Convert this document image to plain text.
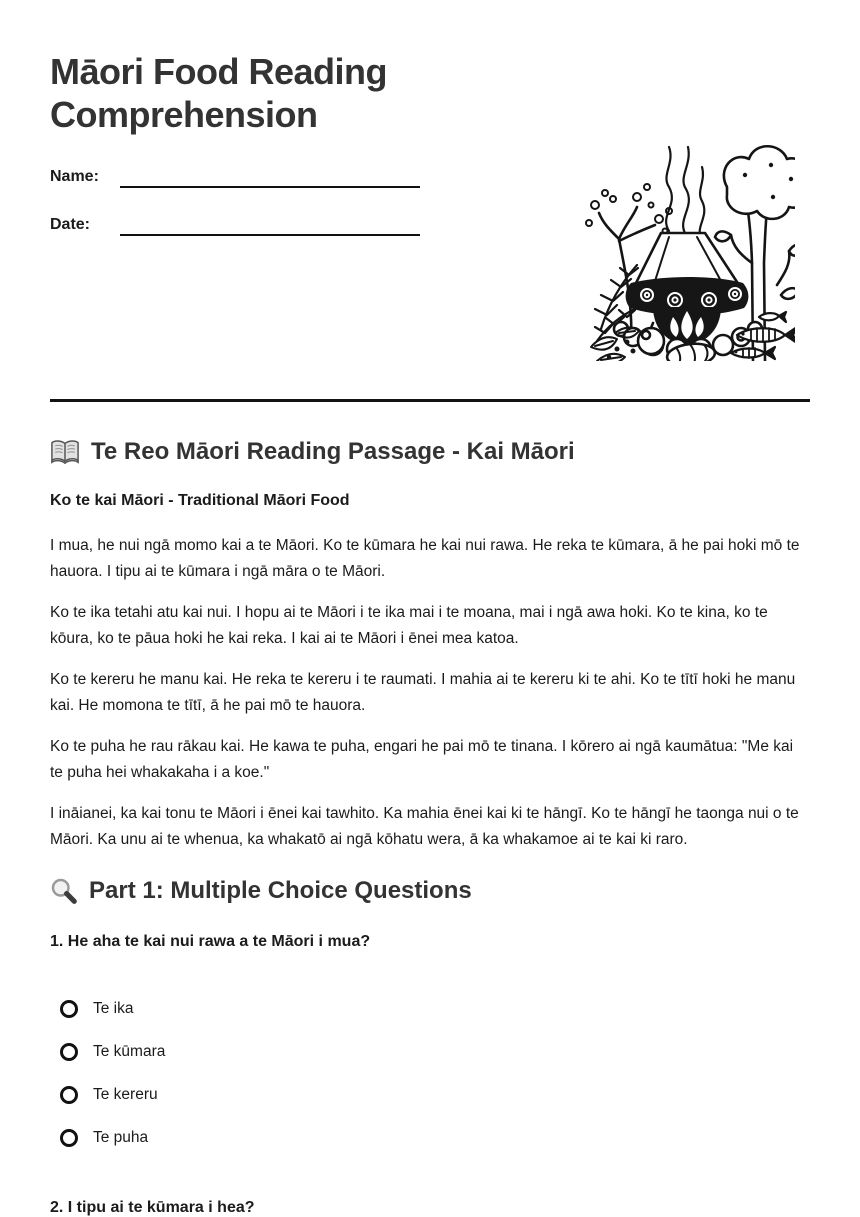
Māori Food Reading Comprehension
Name:
Date:
Te Reo Māori Reading Passage - Kai Māori
Ko te kai Māori - Traditional Māori Food

I mua, he nui ngā momo kai a te Māori. Ko te kūmara he kai nui rawa. He reka te kūmara, ā he pai hoki mō te hauora. I tipu ai te kūmara i ngā māra o te Māori.

Ko te ika tetahi atu kai nui. I hopu ai te Māori i te ika mai i te moana, mai i ngā awa hoki. Ko te kina, ko te kōura, ko te pāua hoki he kai reka. I kai ai te Māori i ēnei mea katoa.

Ko te kereru he manu kai. He reka te kereru i te raumati. I mahia ai te kereru ki te ahi. Ko te tītī hoki he manu kai. He momona te tītī, ā he pai mō te hauora.

Ko te puha he rau rākau kai. He kawa te puha, engari he pai mō te tinana. I kōrero ai ngā kaumātua: "Me kai te puha hei whakakaha i a koe."

I ināianei, ka kai tonu te Māori i ēnei kai tawhito. Ka mahia ēnei kai ki te hāngī. Ko te hāngī he taonga nui o te Māori. Ka unu ai te whenua, ka whakatō ai ngā kōhatu wera, ā ka whakamoe ai te kai ki raro.

Part 1: Multiple Choice Questions

1. He aha te kai nui rawa a te Māori i mua?

Te ika
Te kūmara
Te kereru
Te puha

2. I tipu ai te kūmara i hea?
